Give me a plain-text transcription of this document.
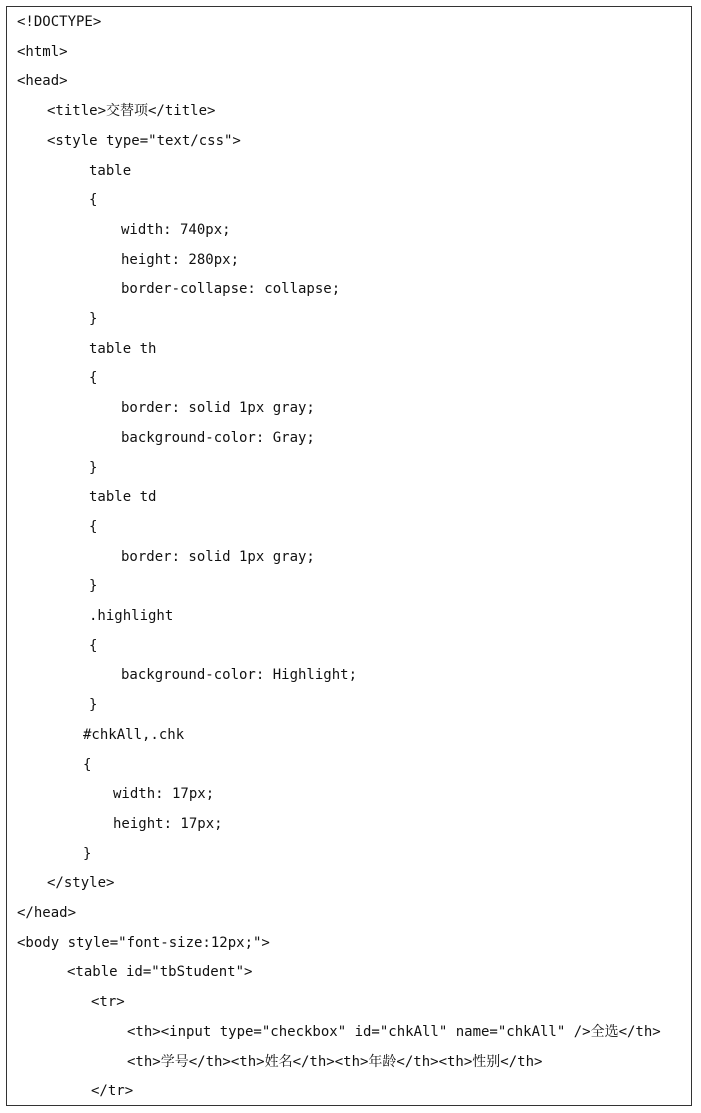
<!DOCTYPE>
<html>
<head>
<title>交替项</title>
<style type="text/css">
table
{
width: 740px;
height: 280px;
border-collapse: collapse;
}
table th
{
border: solid 1px gray;
background-color: Gray;
}
table td
{
border: solid 1px gray;
}
.highlight
{
background-color: Highlight;
}
#chkAll,.chk
{
width: 17px;
height: 17px;
}
</style>
</head>
<body style="font-size:12px;">
<table id="tbStudent">
<tr>
<th><input type="checkbox" id="chkAll" name="chkAll" />全选</th>
<th>学号</th><th>姓名</th><th>年龄</th><th>性别</th>
</tr>
